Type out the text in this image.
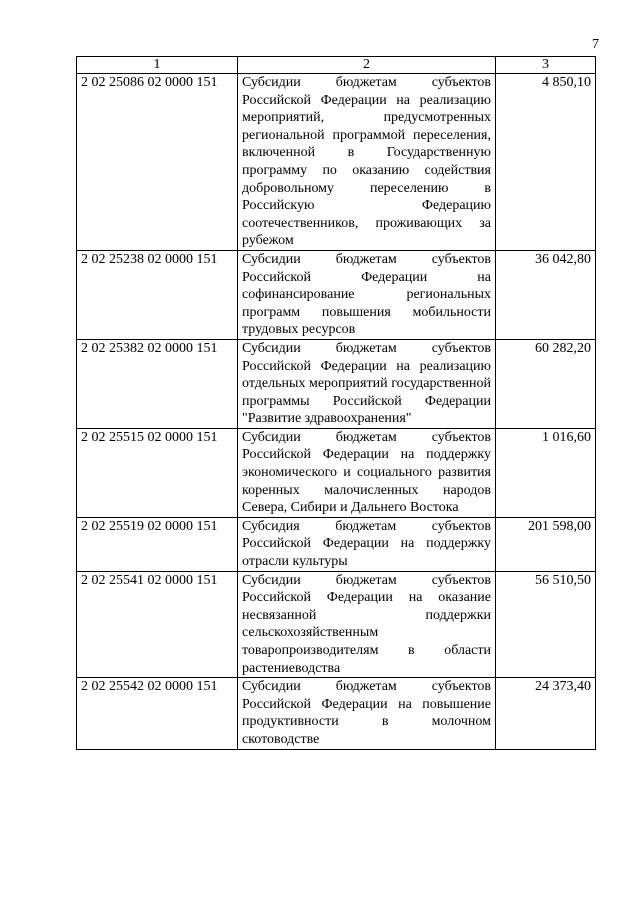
7
1	2	3
2 02 25086 02 0000 151	Субсидии бюджетам субъектов Российской Федерации на реализацию мероприятий, предусмотренных региональной программой переселения, включенной в Государственную программу по оказанию содействия добровольному переселению в Российскую Федерацию соотечественников, проживающих за рубежом	4 850,10
2 02 25238 02 0000 151	Субсидии бюджетам субъектов Российской Федерации на софинансирование региональных программ повышения мобильности трудовых ресурсов	36 042,80
2 02 25382 02 0000 151	Субсидии бюджетам субъектов Российской Федерации на реализацию отдельных мероприятий государственной программы Российской Федерации "Развитие здравоохранения"	60 282,20
2 02 25515 02 0000 151	Субсидии бюджетам субъектов Российской Федерации на поддержку экономического и социального развития коренных малочисленных народов Севера, Сибири и Дальнего Востока	1 016,60
2 02 25519 02 0000 151	Субсидия бюджетам субъектов Российской Федерации на поддержку отрасли культуры	201 598,00
2 02 25541 02 0000 151	Субсидии бюджетам субъектов Российской Федерации на оказание несвязанной поддержки сельскохозяйственным товаропроизводителям в области растениеводства	56 510,50
2 02 25542 02 0000 151	Субсидии бюджетам субъектов Российской Федерации на повышение продуктивности в молочном скотоводстве	24 373,40
